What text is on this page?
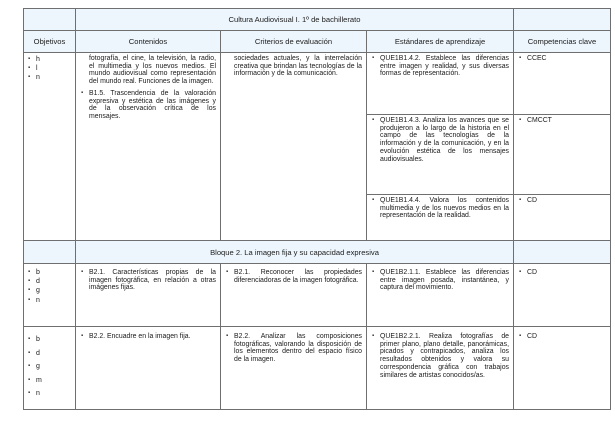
Cultura Audiovisual I. 1º de bachillerato
Objetivos	Contenidos	Criterios de evaluación	Estándares de aprendizaje	Competencias clave
▪ h
▪ l
▪ n
fotografía, el cine, la televisión, la radio, el multimedia y los nuevos medios. El mundo audiovisual como representación del mundo real. Funciones de la imagen.
▪ B1.5. Trascendencia de la valoración expresiva y estética de las imágenes y de la observación crítica de los mensajes.
sociedades actuales, y la interrelación creativa que brindan las tecnologías de la información y de la comunicación.
▪ QUE1B1.4.2. Establece las diferencias entre imagen y realidad, y sus diversas formas de representación.
▪ CCEC
▪ QUE1B1.4.3. Analiza los avances que se produjeron a lo largo de la historia en el campo de las tecnologías de la información y de la comunicación, y en la evolución estética de los mensajes audiovisuales.
▪ CMCCT
▪ QUE1B1.4.4. Valora los contenidos multimedia y de los nuevos medios en la representación de la realidad.
▪ CD
Bloque 2. La imagen fija y su capacidad expresiva
▪ b
▪ d
▪ g
▪ n
▪ B2.1. Características propias de la imagen fotográfica, en relación a otras imágenes fijas.
▪ B2.1. Reconocer las propiedades diferenciadoras de la imagen fotográfica.
▪ QUE1B2.1.1. Establece las diferencias entre imagen posada, instantánea, y captura del movimiento.
▪ CD
▪ b
▪ d
▪ g
▪ m
▪ n
▪ B2.2. Encuadre en la imagen fija.
▪	B2.2. Analizar las composiciones fotográficas, valorando la disposición de los elementos dentro del espacio físico de la imagen.
▪ QUE1B2.2.1. Realiza fotografías de primer plano, plano detalle, panorámicas, picados y contrapicados, analiza los resultados obtenidos y valora su correspondencia gráfica con trabajos similares de artistas conocidos/as.
▪ CD
